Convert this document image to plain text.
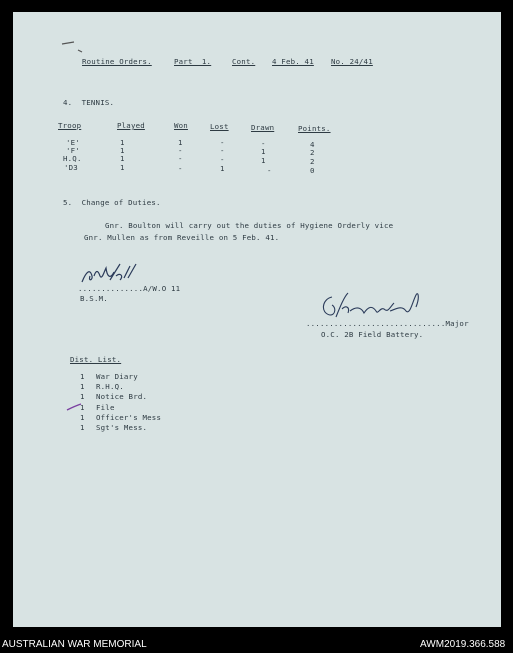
Routine Orders.	Part  1.	Cont. 4 Feb. 41 No. 24/41
4.  TENNIS.
Troop	Played	Won	Lost	Drawn	Points.
'E'	1	1	-	-	4
'F'	1	-	-	1	2
H.Q.	1	-	-	1	2
'D3	1	-	1	-	0
5.  Change of Duties.
Gnr. Boulton will carry out the duties of Hygiene Orderly vice
Gnr. Mullen as from Reveille on 5 Feb. 41.
..............A/W.O 11
B.S.M.
..............................Major
O.C. 2B Field Battery.
Dist. List.
1 War Diary
1 R.H.Q.
1 Notice Brd.
1 File
1 Officer's Mess
1 Sgt's Mess.
AUSTRALIAN WAR MEMORIAL	AWM2019.366.588
